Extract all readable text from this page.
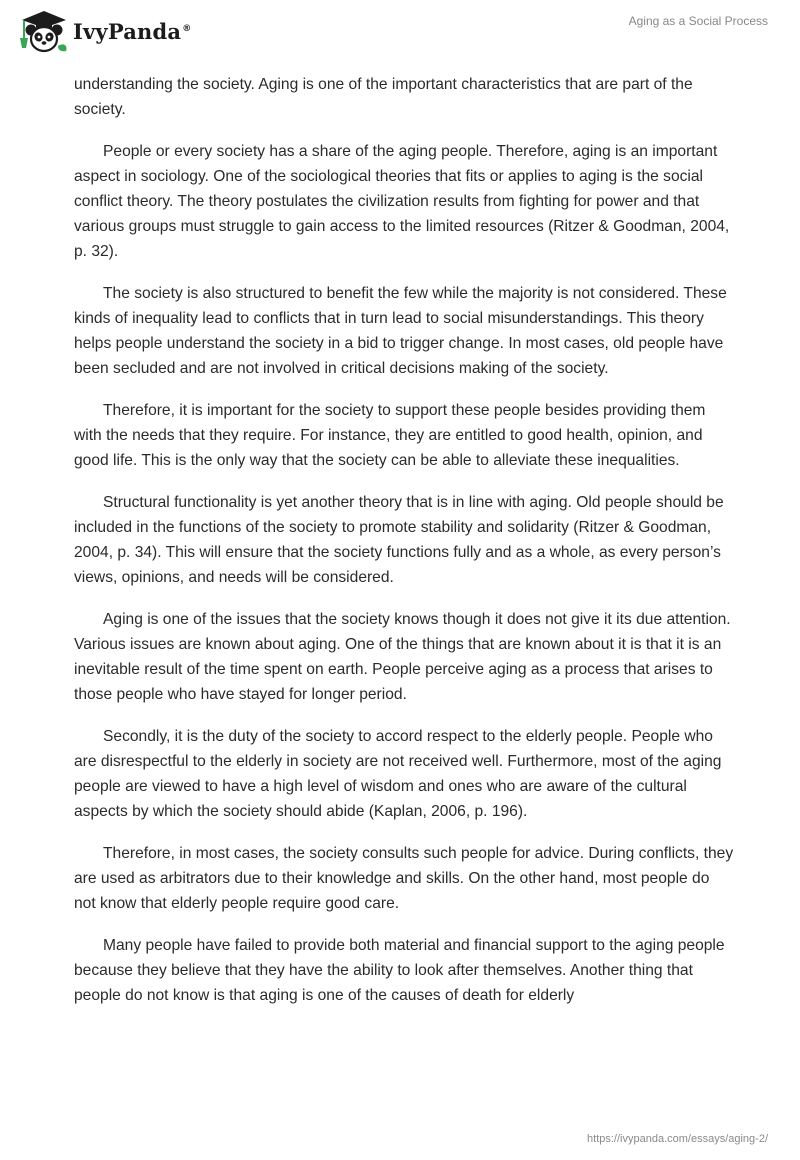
IvyPanda®
Aging as a Social Process

understanding the society. Aging is one of the important characteristics that are part of the society.

People or every society has a share of the aging people. Therefore, aging is an important aspect in sociology. One of the sociological theories that fits or applies to aging is the social conflict theory. The theory postulates the civilization results from fighting for power and that various groups must struggle to gain access to the limited resources (Ritzer & Goodman, 2004, p. 32).

The society is also structured to benefit the few while the majority is not considered. These kinds of inequality lead to conflicts that in turn lead to social misunderstandings. This theory helps people understand the society in a bid to trigger change. In most cases, old people have been secluded and are not involved in critical decisions making of the society.

Therefore, it is important for the society to support these people besides providing them with the needs that they require. For instance, they are entitled to good health, opinion, and good life. This is the only way that the society can be able to alleviate these inequalities.

Structural functionality is yet another theory that is in line with aging. Old people should be included in the functions of the society to promote stability and solidarity (Ritzer & Goodman, 2004, p. 34). This will ensure that the society functions fully and as a whole, as every person’s views, opinions, and needs will be considered.

Aging is one of the issues that the society knows though it does not give it its due attention. Various issues are known about aging. One of the things that are known about it is that it is an inevitable result of the time spent on earth. People perceive aging as a process that arises to those people who have stayed for longer period.

Secondly, it is the duty of the society to accord respect to the elderly people. People who are disrespectful to the elderly in society are not received well. Furthermore, most of the aging people are viewed to have a high level of wisdom and ones who are aware of the cultural aspects by which the society should abide (Kaplan, 2006, p. 196).

Therefore, in most cases, the society consults such people for advice. During conflicts, they are used as arbitrators due to their knowledge and skills. On the other hand, most people do not know that elderly people require good care.

Many people have failed to provide both material and financial support to the aging people because they believe that they have the ability to look after themselves. Another thing that people do not know is that aging is one of the causes of death for elderly

https://ivypanda.com/essays/aging-2/
